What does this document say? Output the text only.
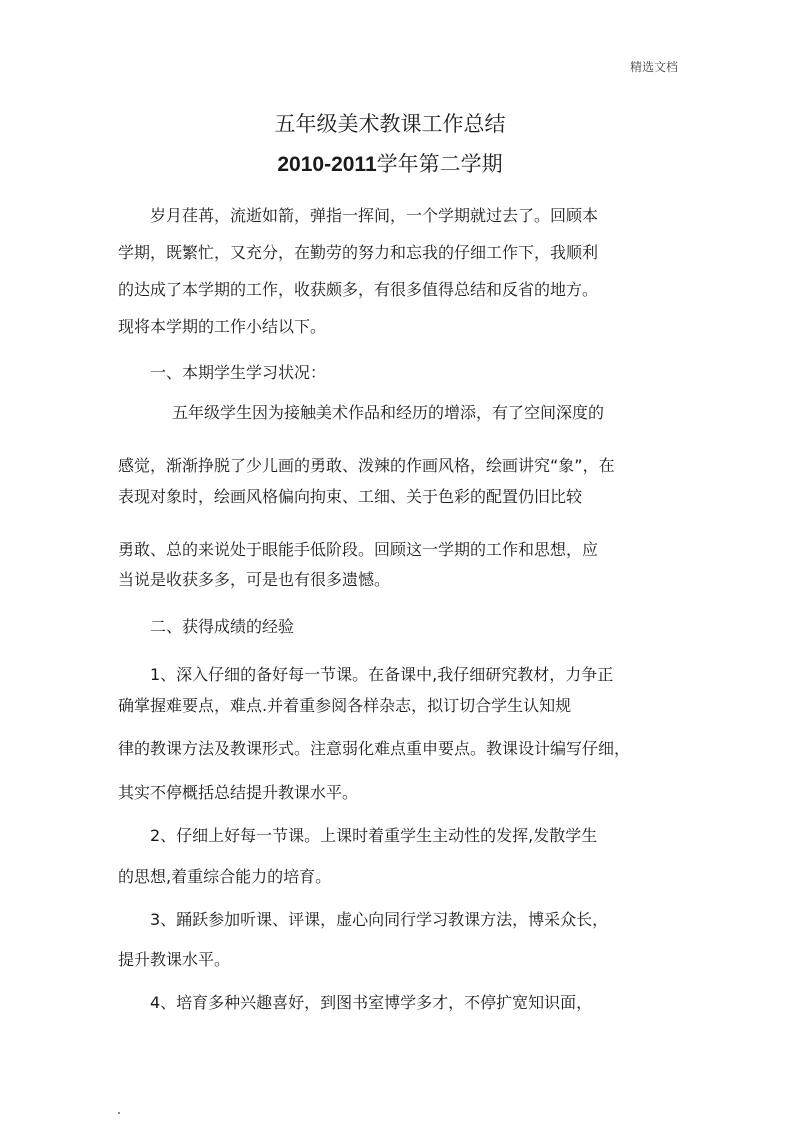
精选文档
五年级美术教课工作总结
2010-2011学年第二学期
岁月荏苒，流逝如箭，弹指一挥间，一个学期就过去了。回顾本
学期，既繁忙，又充分，在勤劳的努力和忘我的仔细工作下，我顺利
的达成了本学期的工作，收获颇多，有很多值得总结和反省的地方。
现将本学期的工作小结以下。
一、本期学生学习状况：
五年级学生因为接触美术作品和经历的增添，有了空间深度的
感觉，渐渐挣脱了少儿画的勇敢、泼辣的作画风格，绘画讲究“象”，在
表现对象时，绘画风格偏向拘束、工细、关于色彩的配置仍旧比较
勇敢、总的来说处于眼能手低阶段。回顾这一学期的工作和思想，应
当说是收获多多，可是也有很多遗憾。
二、获得成绩的经验
1、深入仔细的备好每一节课。在备课中,我仔细研究教材，力争正
确掌握难要点，难点.并着重参阅各样杂志，拟订切合学生认知规
律的教课方法及教课形式。注意弱化难点重申要点。教课设计编写仔细，
其实不停概括总结提升教课水平。
2、仔细上好每一节课。上课时着重学生主动性的发挥,发散学生
的思想,着重综合能力的培育。
3、踊跃参加听课、评课，虚心向同行学习教课方法，博采众长，
提升教课水平。
4、培育多种兴趣喜好，到图书室博学多才，不停扩宽知识面，
